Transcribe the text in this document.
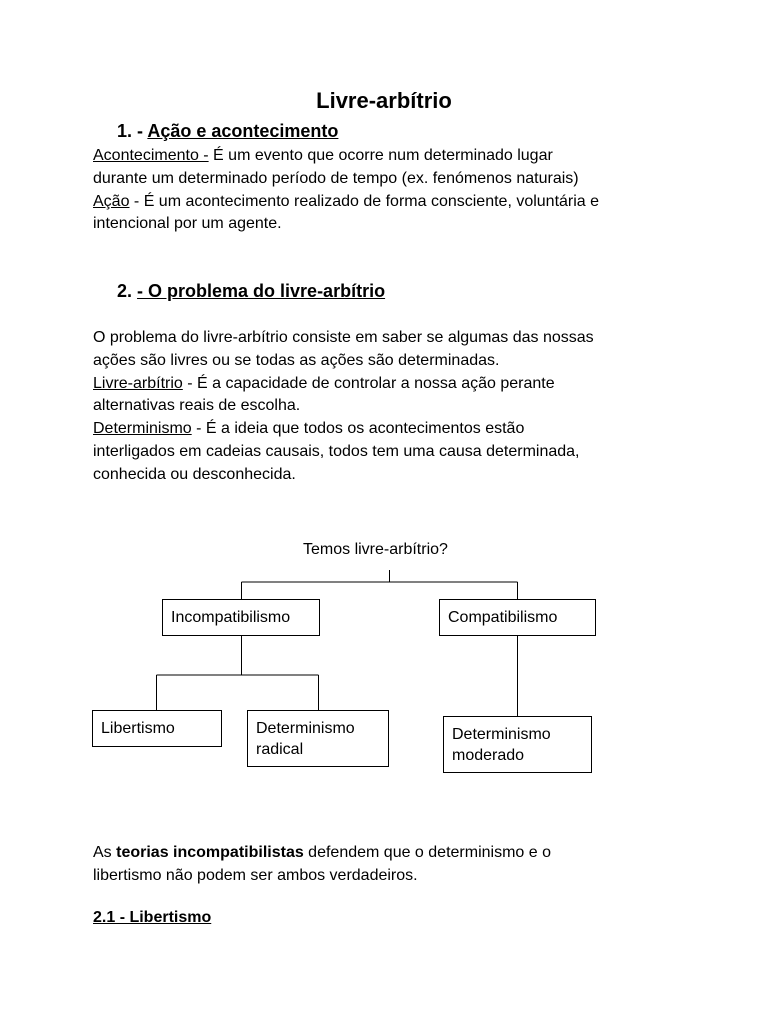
Livre-arbítrio
1. - Ação e acontecimento
Acontecimento - É um evento que ocorre num determinado lugar
durante um determinado período de tempo (ex. fenómenos naturais)
Ação - É um acontecimento realizado de forma consciente, voluntária e
intencional por um agente.
2. - O problema do livre-arbítrio
O problema do livre-arbítrio consiste em saber se algumas das nossas
ações são livres ou se todas as ações são determinadas.
Livre-arbítrio - É a capacidade de controlar a nossa ação perante
alternativas reais de escolha.
Determinismo - É a ideia que todos os acontecimentos estão
interligados em cadeias causais, todos tem uma causa determinada,
conhecida ou desconhecida.
Temos livre-arbítrio?
Incompatibilismo	Compatibilismo
Libertismo	Determinismo
radical
Determinismo
moderado
As teorias incompatibilistas defendem que o determinismo e o
libertismo não podem ser ambos verdadeiros.
2.1 - Libertismo
